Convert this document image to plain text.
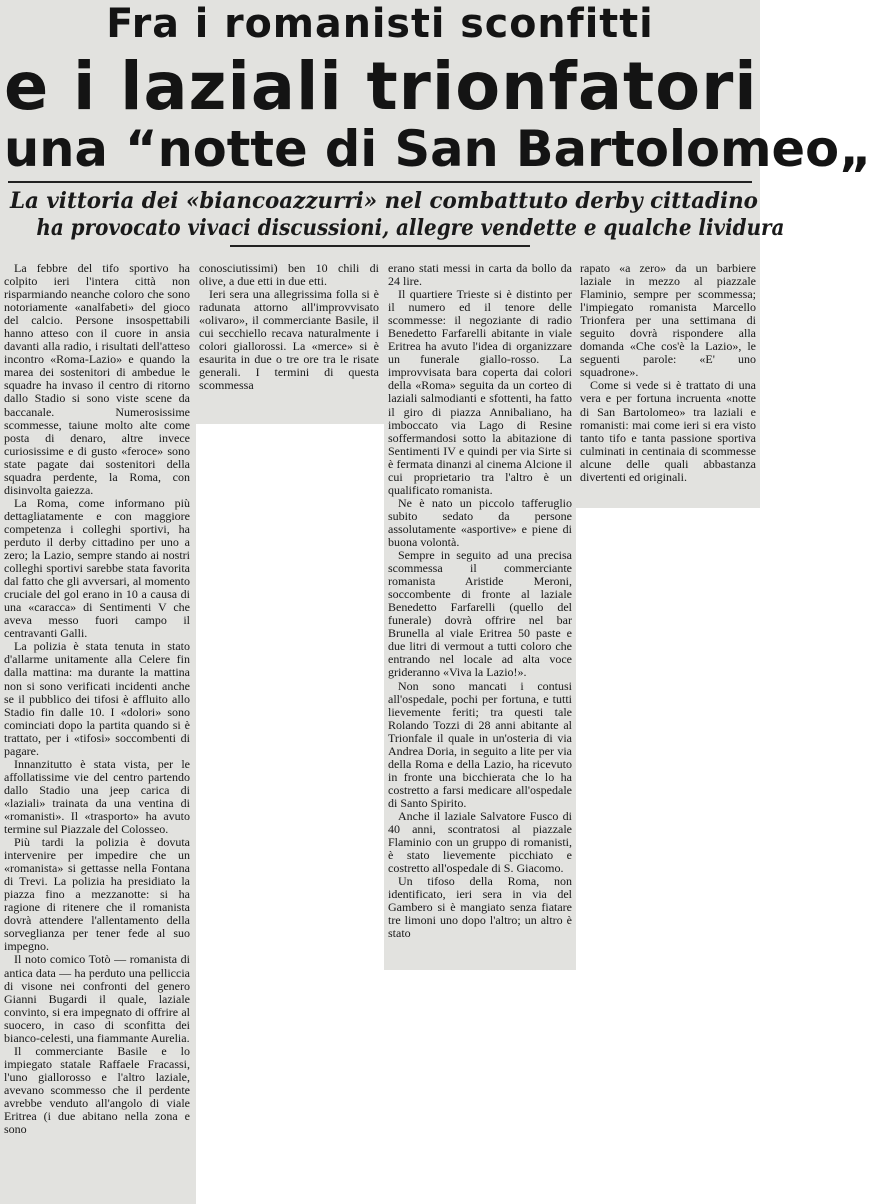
Fra i romanisti sconfitti
e i laziali trionfatori
una “notte di San Bartolomeo„
La vittoria dei «biancoazzurri» nel combattuto derby cittadino
ha provocato vivaci discussioni, allegre vendette e qualche lividura

La febbre del tifo sportivo ha colpito ieri l'intera città non risparmiando neanche coloro che sono notoriamente «analfabeti» del gioco del calcio. Persone insospettabili hanno atteso con il cuore in ansia davanti alla radio, i risultati dell'atteso incontro «Roma-Lazio» e quando la marea dei sostenitori di ambedue le squadre ha invaso il centro di ritorno dallo Stadio si sono viste scene da baccanale. Numerosissime scommesse, taiune molto alte come posta di denaro, altre invece curiosissime e di gusto «feroce» sono state pagate dai sostenitori della squadra perdente, la Roma, con disinvolta gaiezza.

La Roma, come informano più dettagliatamente e con maggiore competenza i colleghi sportivi, ha perduto il derby cittadino per uno a zero; la Lazio, sempre stando ai nostri colleghi sportivi sarebbe stata favorita dal fatto che gli avversari, al momento cruciale del gol erano in 10 a causa di una «caracca» di Sentimenti V che aveva messo fuori campo il centravanti Galli.

La polizia è stata tenuta in stato d'allarme unitamente alla Celere fin dalla mattina: ma durante la mattina non si sono verificati incidenti anche se il pubblico dei tifosi è affluito allo Stadio fin dalle 10. I «dolori» sono cominciati dopo la partita quando si è trattato, per i «tifosi» soccombenti di pagare.

Innanzitutto è stata vista, per le affollatissime vie del centro partendo dallo Stadio una jeep carica di «laziali» trainata da una ventina di «romanisti». Il «trasporto» ha avuto termine sul Piazzale del Colosseo.

Più tardi la polizia è dovuta intervenire per impedire che un «romanista» si gettasse nella Fontana di Trevi. La polizia ha presidiato la piazza fino a mezzanotte: si ha ragione di ritenere che il romanista dovrà attendere l'allentamento della sorveglianza per tener fede al suo impegno.

Il noto comico Totò — romanista di antica data — ha perduto una pelliccia di visone nei confronti del genero Gianni Bugardi il quale, laziale convinto, si era impegnato di offrire al suocero, in caso di sconfitta dei bianco-celesti, una fiammante Aurelia.

Il commerciante Basile e lo impiegato statale Raffaele Fracassi, l'uno giallorosso e l'altro laziale, avevano scommesso che il perdente avrebbe venduto all'angolo di viale Eritrea (i due abitano nella zona e sono

conosciutissimi) ben 10 chili di olive, a due etti in due etti.

Ieri sera una allegrissima folla si è radunata attorno all'improvvisato «olivaro», il commerciante Basile, il cui secchiello recava naturalmente i colori giallorossi. La «merce» si è esaurita in due o tre ore tra le risate generali. I termini di questa scommessa

erano stati messi in carta da bollo da 24 lire.

Il quartiere Trieste si è distinto per il numero ed il tenore delle scommesse: il negoziante di radio Benedetto Farfarelli abitante in viale Eritrea ha avuto l'idea di organizzare un funerale giallo-rosso. La improvvisata bara coperta dai colori della «Roma» seguita da un corteo di laziali salmodianti e sfottenti, ha fatto il giro di piazza Annibaliano, ha imboccato via Lago di Resine soffermandosi sotto la abitazione di Sentimenti IV e quindi per via Sirte si è fermata dinanzi al cinema Alcione il cui proprietario tra l'altro è un qualificato romanista.

Ne è nato un piccolo tafferuglio subito sedato da persone assolutamente «asportive» e piene di buona volontà.

Sempre in seguito ad una precisa scommessa il commerciante romanista Aristide Meroni, soccombente di fronte al laziale Benedetto Farfarelli (quello del funerale) dovrà offrire nel bar Brunella al viale Eritrea 50 paste e due litri di vermout a tutti coloro che entrando nel locale ad alta voce grideranno «Viva la Lazio!».

Non sono mancati i contusi all'ospedale, pochi per fortuna, e tutti lievemente feriti; tra questi tale Rolando Tozzi di 28 anni abitante al Trionfale il quale in un'osteria di via Andrea Doria, in seguito a lite per via della Roma e della Lazio, ha ricevuto in fronte una bicchierata che lo ha costretto a farsi medicare all'ospedale di Santo Spirito.

Anche il laziale Salvatore Fusco di 40 anni, scontratosi al piazzale Flaminio con un gruppo di romanisti, è stato lievemente picchiato e costretto all'ospedale di S. Giacomo.

Un tifoso della Roma, non identificato, ieri sera in via del Gambero si è mangiato senza fiatare tre limoni uno dopo l'altro; un altro è stato

rapato «a zero» da un barbiere laziale in mezzo al piazzale Flaminio, sempre per scommessa; l'impiegato romanista Marcello Trionfera per una settimana di seguito dovrà rispondere alla domanda «Che cos'è la Lazio», le seguenti parole: «E' uno squadrone».

Come si vede si è trattato di una vera e per fortuna incruenta «notte di San Bartolomeo» tra laziali e romanisti: mai come ieri si era visto tanto tifo e tanta passione sportiva culminati in centinaia di scommesse alcune delle quali abbastanza divertenti ed originali.
